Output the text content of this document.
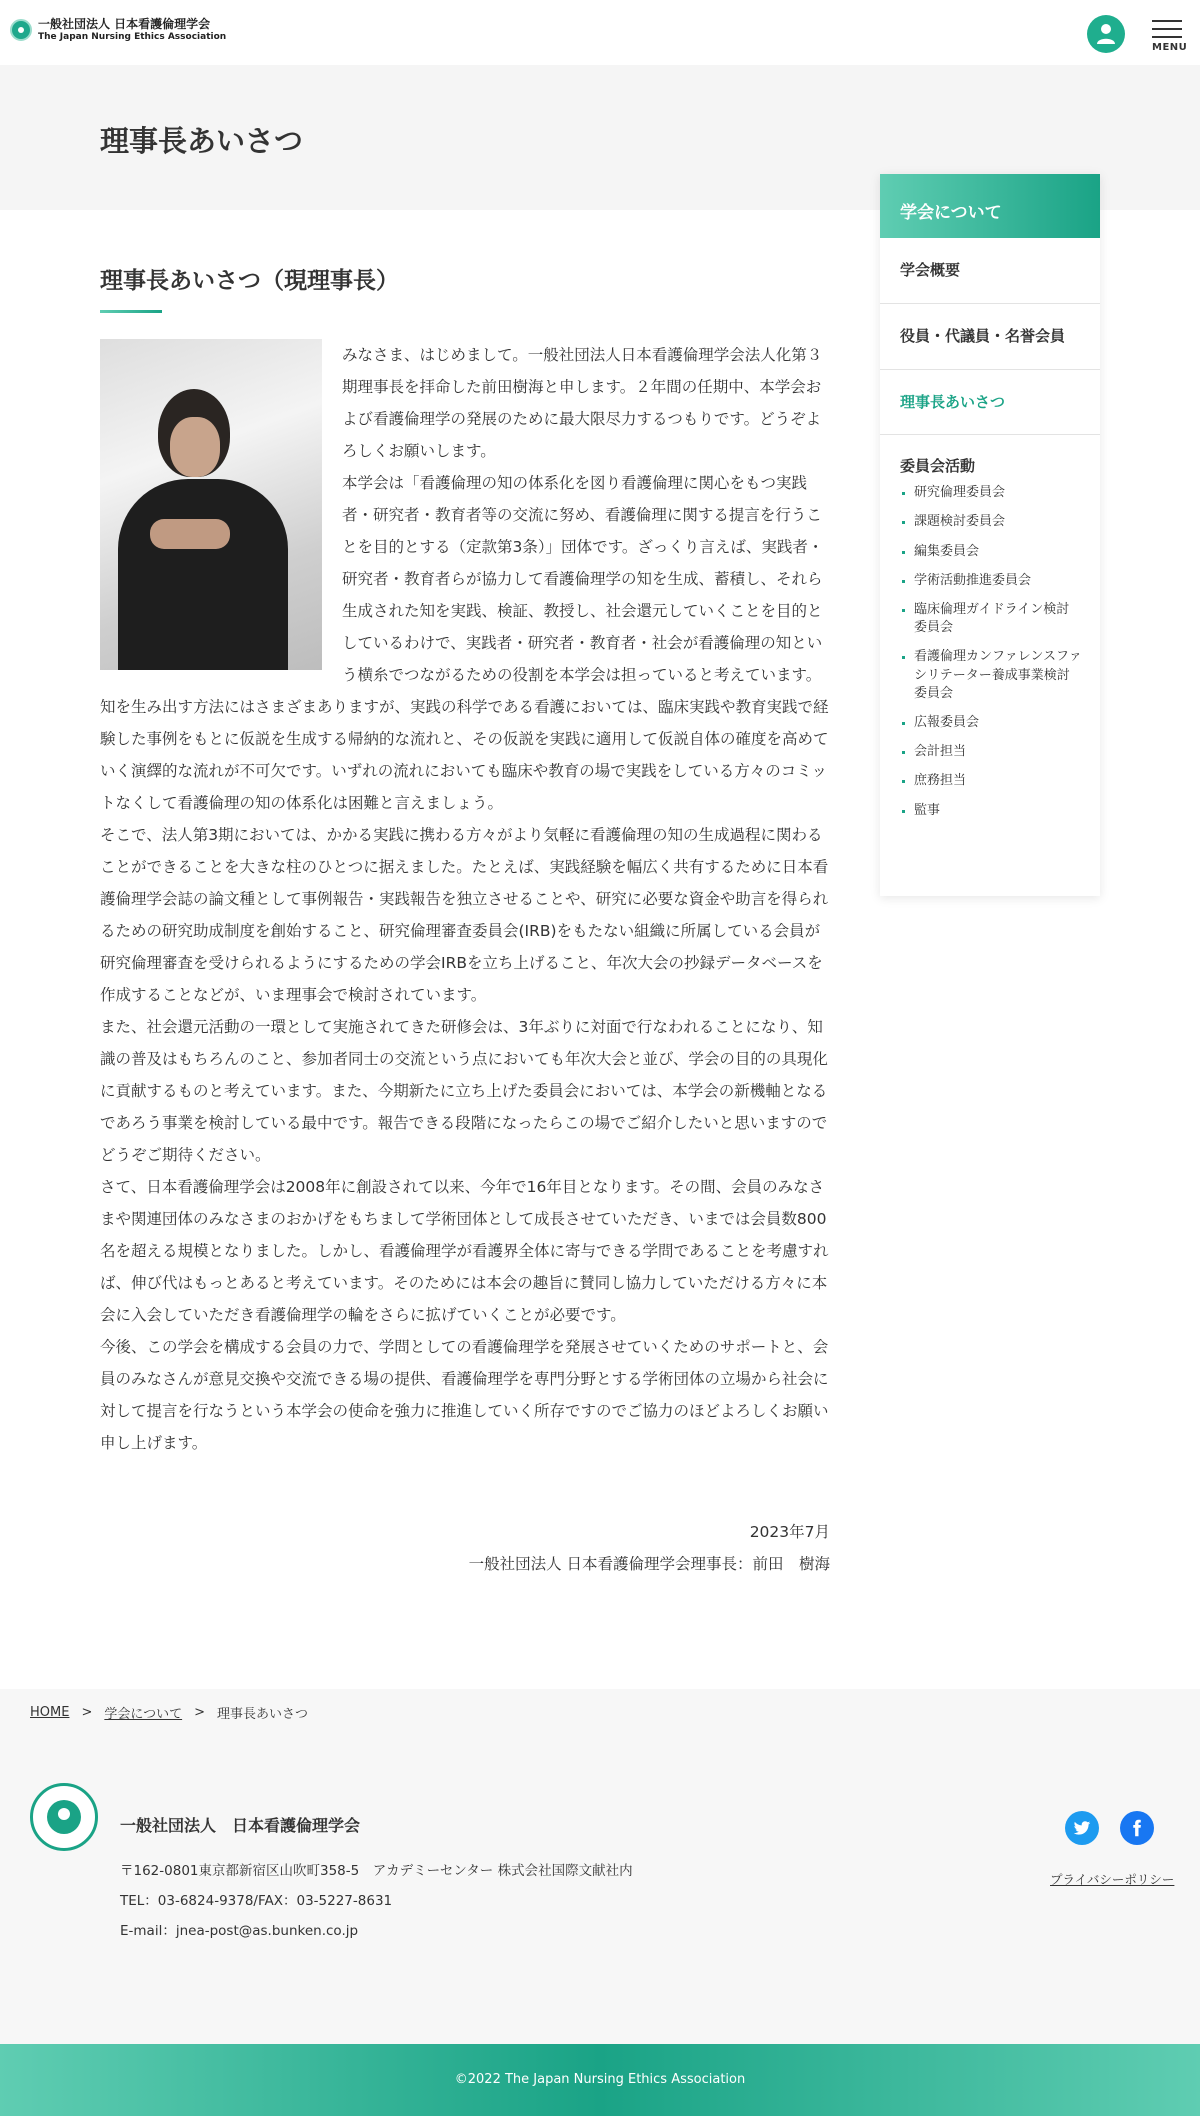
一般社団法人 日本看護倫理学会
The Japan Nursing Ethics Association
MENU
理事長あいさつ
学会について
学会概要
役員・代議員・名誉会員
理事長あいさつ
委員会活動
研究倫理委員会
課題検討委員会
編集委員会
学術活動推進委員会
臨床倫理ガイドライン検討委員会
看護倫理カンファレンスファシリテーター養成事業検討委員会
広報委員会
会計担当
庶務担当
監事
理事長あいさつ（現理事長）

みなさま、はじめまして。一般社団法人日本看護倫理学会法人化第３期理事長を拝命した前田樹海と申します。２年間の任期中、本学会および看護倫理学の発展のために最大限尽力するつもりです。どうぞよろしくお願いします。

本学会は「看護倫理の知の体系化を図り看護倫理に関心をもつ実践者・研究者・教育者等の交流に努め、看護倫理に関する提言を行うことを目的とする（定款第3条）」団体です。ざっくり言えば、実践者・研究者・教育者らが協力して看護倫理学の知を生成、蓄積し、それら生成された知を実践、検証、教授し、社会還元していくことを目的としているわけで、実践者・研究者・教育者・社会が看護倫理の知という横糸でつながるための役割を本学会は担っていると考えています。

知を生み出す方法にはさまざまありますが、実践の科学である看護においては、臨床実践や教育実践で経験した事例をもとに仮説を生成する帰納的な流れと、その仮説を実践に適用して仮説自体の確度を高めていく演繹的な流れが不可欠です。いずれの流れにおいても臨床や教育の場で実践をしている方々のコミットなくして看護倫理の知の体系化は困難と言えましょう。

そこで、法人第3期においては、かかる実践に携わる方々がより気軽に看護倫理の知の生成過程に関わることができることを大きな柱のひとつに据えました。たとえば、実践経験を幅広く共有するために日本看護倫理学会誌の論文種として事例報告・実践報告を独立させることや、研究に必要な資金や助言を得られるための研究助成制度を創始すること、研究倫理審査委員会(IRB)をもたない組織に所属している会員が研究倫理審査を受けられるようにするための学会IRBを立ち上げること、年次大会の抄録データベースを作成することなどが、いま理事会で検討されています。

また、社会還元活動の一環として実施されてきた研修会は、3年ぶりに対面で行なわれることになり、知識の普及はもちろんのこと、参加者同士の交流という点においても年次大会と並び、学会の目的の具現化に貢献するものと考えています。また、今期新たに立ち上げた委員会においては、本学会の新機軸となるであろう事業を検討している最中です。報告できる段階になったらこの場でご紹介したいと思いますのでどうぞご期待ください。

さて、日本看護倫理学会は2008年に創設されて以来、今年で16年目となります。その間、会員のみなさまや関連団体のみなさまのおかげをもちまして学術団体として成長させていただき、いまでは会員数800名を超える規模となりました。しかし、看護倫理学が看護界全体に寄与できる学問であることを考慮すれば、伸び代はもっとあると考えています。そのためには本会の趣旨に賛同し協力していただける方々に本会に入会していただき看護倫理学の輪をさらに拡げていくことが必要です。

今後、この学会を構成する会員の力で、学問としての看護倫理学を発展させていくためのサポートと、会員のみなさんが意見交換や交流できる場の提供、看護倫理学を専門分野とする学術団体の立場から社会に対して提言を行なうという本学会の使命を強力に推進していく所存ですのでご協力のほどよろしくお願い申し上げます。

2023年7月
一般社団法人 日本看護倫理学会理事長：前田　樹海
HOME > 学会について > 理事長あいさつ
一般社団法人　日本看護倫理学会
〒162-0801東京都新宿区山吹町358-5　アカデミーセンター 株式会社国際文献社内
TEL：03-6824-9378/FAX：03-5227-8631
E-mail：jnea-post@as.bunken.co.jp
プライバシーポリシー
©2022 The Japan Nursing Ethics Association
